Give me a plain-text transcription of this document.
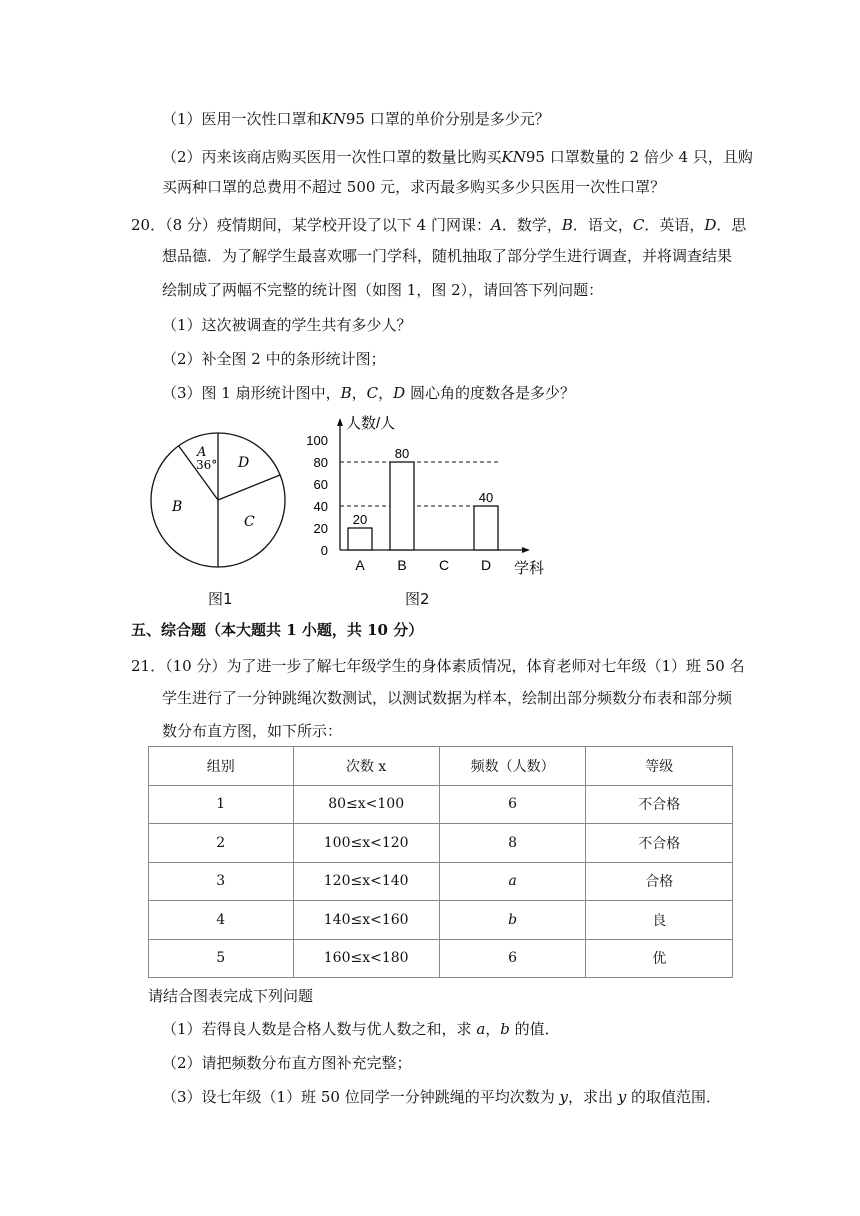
（1）医用一次性口罩和KN95 口罩的单价分别是多少元？
（2）丙来该商店购买医用一次性口罩的数量比购买KN95 口罩数量的 2 倍少 4 只，且购
买两种口罩的总费用不超过 500 元，求丙最多购买多少只医用一次性口罩？
20．（8 分）疫情期间，某学校开设了以下 4 门网课：A．数学，B．语文，C．英语，D．思
想品德．为了解学生最喜欢哪一门学科，随机抽取了部分学生进行调查，并将调查结果
绘制成了两幅不完整的统计图（如图 1，图 2），请回答下列问题：
（1）这次被调查的学生共有多少人？
（2）补全图 2 中的条形统计图；
（3）图 1 扇形统计图中，B，C，D 圆心角的度数各是多少？
A
36° D
B
C
图1
人数/人
学科
0
20
40
60
80
100
20
A
80
B C
40
D
图2
五、综合题（本大题共 1 小题，共 10 分）
21．（10 分）为了进一步了解七年级学生的身体素质情况，体育老师对七年级（1）班 50 名
学生进行了一分钟跳绳次数测试，以测试数据为样本，绘制出部分频数分布表和部分频
数分布直方图，如下所示：
组别	次数 x	频数（人数）	等级
1	80≤x<100	6	不合格
2	100≤x<120	8	不合格
3	120≤x<140	a	合格
4	140≤x<160	b	良
5	160≤x<180	6	优
请结合图表完成下列问题
（1）若得良人数是合格人数与优人数之和，求 a，b 的值．
（2）请把频数分布直方图补充完整；
（3）设七年级（1）班 50 位同学一分钟跳绳的平均次数为 y，求出 y 的取值范围．
